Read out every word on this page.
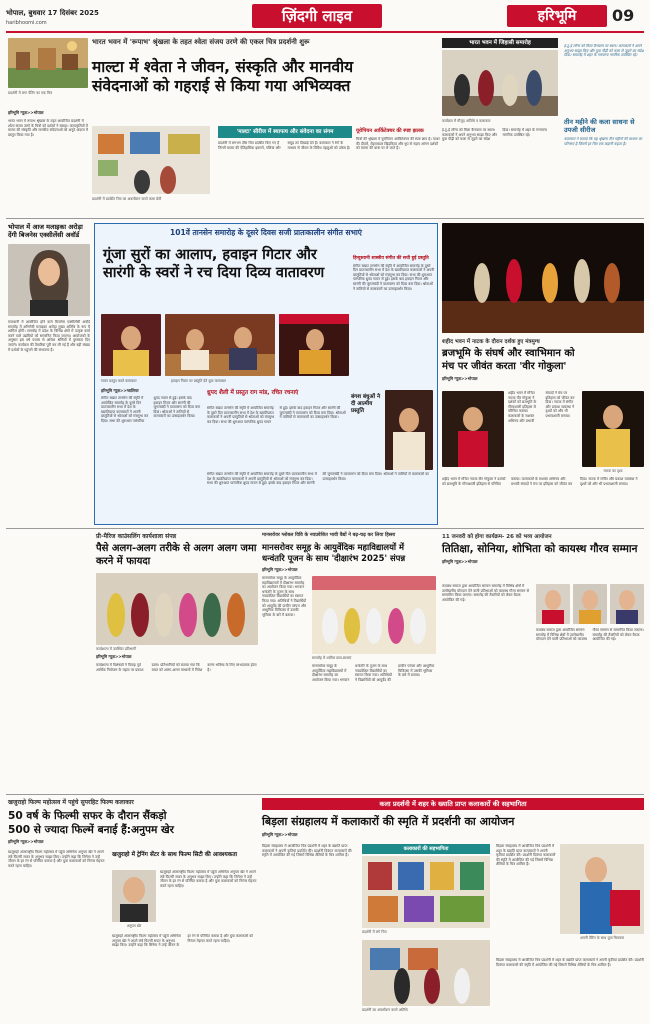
भोपाल, बुधवार 17 दिसंबर 2025
haribhoomi.com	ज़िंदगी लाइव	हरिभूमि	09
प्रदर्शनी में लगा पेंटिंग का एक चित्र
हरिभूमि न्यूज़>>भोपाल
भारत भवन में रूपाभ श्रृंखला के तहत आयोजित प्रदर्शनी में श्वेता संजय उरणे के चित्रों को दर्शकों ने सराहा। कलाकृतियों में माल्टा की संस्कृति और मानवीय संवेदनाओं को अनूठे अंदाज में प्रस्तुत किया गया है।
भारत भवन में 'रूपाभ' श्रृंखला के तहत श्वेता संजय उरणे की एकल चित्र प्रदर्शनी शुरू
माल्टा में श्वेता ने जीवन, संस्कृति और मानवीय
संवेदनाओं को गहराई से किया गया अभिव्यक्त
प्रदर्शनी में प्रदर्शित चित्र का अवलोकन करते कला प्रेमी
'माल्टा' सीरीज में स्थापत्य और संवेदना का संगम
प्रदर्शनी में लगभग तीस चित्र प्रदर्शित किए गए हैं जिनमें माल्टा की ऐतिहासिक इमारतें, गलियां और समुद्र तट दिखाई देते हैं। कलाकार ने रंगों के माध्यम से जीवन के विविध पहलुओं को उकेरा है।
यूरोपियन आर्किटेक्चर की स्पष्ट झलक
चित्रों की श्रृंखला में यूरोपियन आर्किटेक्चर की स्पष्ट छाप है। पत्थर की दीवारें, मेहराबदार खिड़कियां और धूप से नहाए आंगन दर्शकों को माल्टा की यात्रा पर ले जाते हैं।
भारत भवन में जिहासी समारोह
कार्यक्रम में मौजूद अतिथि व कलाकार
ई-टू-ई लॉन्च को मिला कैनवास पर स्थान। कलाकारों ने अपने अनुभव साझा किए और युवा पीढ़ी को कला से जुड़ने का संदेश दिया। समारोह में शहर के गणमान्य नागरिक उपस्थित रहे।
ई-टू-ई लॉन्च को मिला कैनवास पर स्थान। कलाकारों ने अपने अनुभव साझा किए और युवा पीढ़ी को कला से जुड़ने का संदेश दिया। समारोह में शहर के गणमान्य नागरिक उपस्थित रहे।
तीन महीने की कला साधना से उपजी सीरीज
कलाकार ने बताया कि यह श्रृंखला तीन महीनों की साधना का परिणाम है जिसमें हर चित्र एक कहानी कहता है।
भोपाल में आज मलाइका अरोड़ा देंगी बिजनेस एक्सीलेंसी अवॉर्ड
राजधानी में आयोजित होने वाले बिजनेस एक्सीलेंसी अवॉर्ड समारोह में अभिनेत्री मलाइका अरोड़ा मुख्य अतिथि के रूप में शामिल होंगी। समारोह में प्रदेश के विभिन्न क्षेत्रों में उत्कृष्ट कार्य करने वाले उद्यमियों को सम्मानित किया जाएगा। आयोजकों के अनुसार इस वर्ष पचास से अधिक श्रेणियों में पुरस्कार दिए जाएंगे। कार्यक्रम की तैयारियां पूरी कर ली गई हैं और बड़ी संख्या में दर्शकों के पहुंचने की संभावना है।
101वें तानसेन समारोह के दूसरे दिवस सजी प्रातःकालीन संगीत सभाएं
गूंजा सुरों का आलाप, हवाइन गिटार और
सारंगी के स्वरों ने रच दिया दिव्य वातावरण
हिन्दुस्तानी शास्त्रीय संगीत की सधी हुई प्रस्तुति
संगीत सम्राट तानसेन की स्मृति में आयोजित समारोह के दूसरे दिन प्रातःकालीन सभा में देश के ख्यातिप्राप्त कलाकारों ने अपनी प्रस्तुतियों से श्रोताओं को मंत्रमुग्ध कर दिया। सभा की शुरुआत पारंपरिक ध्रुपद गायन से हुई। इसके बाद हवाइन गिटार और सारंगी की जुगलबंदी ने वातावरण को दिव्य बना दिया। श्रोताओं ने तालियों से कलाकारों का उत्साहवर्धन किया।
गायन प्रस्तुत करते कलाकार	हवाइन गिटार पर प्रस्तुति देते युवा कलाकार
हरिभूमि न्यूज़>>ग्वालियर
संगीत सम्राट तानसेन की स्मृति में आयोजित समारोह के दूसरे दिन प्रातःकालीन सभा में देश के ख्यातिप्राप्त कलाकारों ने अपनी प्रस्तुतियों से श्रोताओं को मंत्रमुग्ध कर दिया। सभा की शुरुआत पारंपरिक ध्रुपद गायन से हुई। इसके बाद हवाइन गिटार और सारंगी की जुगलबंदी ने वातावरण को दिव्य बना दिया। श्रोताओं ने तालियों से कलाकारों का उत्साहवर्धन किया।
ध्रुपद शैली में प्रस्तुत राग मांड, रचित रचनाएं
संगीत सम्राट तानसेन की स्मृति में आयोजित समारोह के दूसरे दिन प्रातःकालीन सभा में देश के ख्यातिप्राप्त कलाकारों ने अपनी प्रस्तुतियों से श्रोताओं को मंत्रमुग्ध कर दिया। सभा की शुरुआत पारंपरिक ध्रुपद गायन से हुई। इसके बाद हवाइन गिटार और सारंगी की जुगलबंदी ने वातावरण को दिव्य बना दिया। श्रोताओं ने तालियों से कलाकारों का उत्साहवर्धन किया।
बंगश बंधुओं ने दी आत्मीय प्रस्तुति
संगीत सम्राट तानसेन की स्मृति में आयोजित समारोह के दूसरे दिन प्रातःकालीन सभा में देश के ख्यातिप्राप्त कलाकारों ने अपनी प्रस्तुतियों से श्रोताओं को मंत्रमुग्ध कर दिया। सभा की शुरुआत पारंपरिक ध्रुपद गायन से हुई। इसके बाद हवाइन गिटार और सारंगी की जुगलबंदी ने वातावरण को दिव्य बना दिया। श्रोताओं ने तालियों से कलाकारों का उत्साहवर्धन किया।
शहीद भवन में नाटक के दौरान दर्शक हुए मंत्रमुग्ध
ब्रजभूमि के संघर्ष और स्वाभिमान को
मंच पर जीवंत करता 'वीर गोकुला'
हरिभूमि न्यूज़>>भोपाल
शहीद भवन में मंचित नाटक वीर गोकुला ने दर्शकों को ब्रजभूमि के गौरवशाली इतिहास से परिचित कराया। कलाकारों के सशक्त अभिनय और प्रभावी संवादों ने मंच पर इतिहास को जीवंत कर दिया। नाटक में संगीत और प्रकाश व्यवस्था ने दृश्यों को और भी प्रभावशाली बनाया।
नाटक का दृश्य
शहीद भवन में मंचित नाटक वीर गोकुला ने दर्शकों को ब्रजभूमि के गौरवशाली इतिहास से परिचित कराया। कलाकारों के सशक्त अभिनय और प्रभावी संवादों ने मंच पर इतिहास को जीवंत कर दिया। नाटक में संगीत और प्रकाश व्यवस्था ने दृश्यों को और भी प्रभावशाली बनाया।
प्री-मैरिज काउंसलिंग कार्यशाला संपन्न
पैसे अलग-अलग तरीके से अलग अलग जमा करने में फायदा
कार्यशाला में उपस्थित प्रतिभागी
हरिभूमि न्यूज़>>भोपाल
कार्यशाला में विशेषज्ञों ने विवाह पूर्व आर्थिक नियोजन के महत्व पर प्रकाश डाला। प्रतिभागियों को बताया गया कि बचत को अलग-अलग माध्यमों में निवेश करना भविष्य के लिए लाभदायक होता है।
मानसरोवर ग्लोबल विवि के नवप्रवेशित भावी वैद्यों ने बढ़-चढ़ कर लिया हिस्सा
मानसरोवर समूह के आयुर्वेदिक महाविद्यालयों में
धन्वंतरि पूजन के साथ 'दीक्षारंभ 2025' संपन्न
हरिभूमि न्यूज़>>भोपाल
मानसरोवर समूह के आयुर्वेदिक महाविद्यालयों में दीक्षारंभ समारोह का आयोजन किया गया। भगवान धन्वंतरि के पूजन के साथ नवप्रवेशित विद्यार्थियों का स्वागत किया गया। अतिथियों ने विद्यार्थियों को आयुर्वेद की प्राचीन परंपरा और आधुनिक चिकित्सा में उसकी भूमिका के बारे में बताया।
समारोह में शामिल छात्र-छात्राएं
मानसरोवर समूह के आयुर्वेदिक महाविद्यालयों में दीक्षारंभ समारोह का आयोजन किया गया। भगवान धन्वंतरि के पूजन के साथ नवप्रवेशित विद्यार्थियों का स्वागत किया गया। अतिथियों ने विद्यार्थियों को आयुर्वेद की प्राचीन परंपरा और आधुनिक चिकित्सा में उसकी भूमिका के बारे में बताया।
11 जनवरी को होगा कार्यक्रम- 26 को भव्य आयोजन
तितिक्षा, सोनिया, शोभिता को कायस्थ गौरव सम्मान
हरिभूमि न्यूज़>>भोपाल
कायस्थ समाज द्वारा आयोजित सम्मान समारोह में विभिन्न क्षेत्रों में उल्लेखनीय योगदान देने वाली प्रतिभाओं को कायस्थ गौरव सम्मान से सम्मानित किया जाएगा। समारोह की तैयारियों को लेकर बैठक आयोजित की गई।
कायस्थ समाज द्वारा आयोजित सम्मान समारोह में विभिन्न क्षेत्रों में उल्लेखनीय योगदान देने वाली प्रतिभाओं को कायस्थ गौरव सम्मान से सम्मानित किया जाएगा। समारोह की तैयारियों को लेकर बैठक आयोजित की गई।
खजुराहो फिल्म महोत्सव में पहुंचे सुपरहिट फिल्म कलाकार
50 वर्ष के फिल्मी सफर के दौरान सैंकड़ो
500 से ज्यादा फिल्में बनाई हैं:अनुपम खेर
हरिभूमि न्यूज़>>भोपाल
खजुराहो अंतरराष्ट्रीय फिल्म महोत्सव में पहुंचे अभिनेता अनुपम खेर ने अपने लंबे फिल्मी सफर के अनुभव साझा किए। उन्होंने कहा कि सिनेमा ने उन्हें जीवन के हर रंग से परिचित कराया है और युवा कलाकारों को निरंतर मेहनत करते रहना चाहिए।
खजुराहो में ट्रेनिंग सेंटर के साथ फिल्म सिटी की आवश्यकता
अनुपम खेर
खजुराहो अंतरराष्ट्रीय फिल्म महोत्सव में पहुंचे अभिनेता अनुपम खेर ने अपने लंबे फिल्मी सफर के अनुभव साझा किए। उन्होंने कहा कि सिनेमा ने उन्हें जीवन के हर रंग से परिचित कराया है और युवा कलाकारों को निरंतर मेहनत करते रहना चाहिए।
खजुराहो अंतरराष्ट्रीय फिल्म महोत्सव में पहुंचे अभिनेता अनुपम खेर ने अपने लंबे फिल्मी सफर के अनुभव साझा किए। उन्होंने कहा कि सिनेमा ने उन्हें जीवन के हर रंग से परिचित कराया है और युवा कलाकारों को निरंतर मेहनत करते रहना चाहिए।
कला प्रदर्शनी में शहर के ख्याति प्राप्त कलाकारों की सहभागिता
बिड़ला संग्रहालय में कलाकारों की स्मृति में प्रदर्शनी का आयोजन
हरिभूमि न्यूज़>>भोपाल
बिड़ला संग्रहालय में आयोजित चित्र प्रदर्शनी में शहर के ख्याति प्राप्त कलाकारों ने अपनी कृतियां प्रदर्शित कीं। प्रदर्शनी दिवंगत कलाकारों की स्मृति में आयोजित की गई जिसमें विभिन्न शैलियों के चित्र शामिल हैं।
कलाकारों की सहभागिता
प्रदर्शनी में लगे चित्र
प्रदर्शनी का अवलोकन करते अतिथि
बिड़ला संग्रहालय में आयोजित चित्र प्रदर्शनी में शहर के ख्याति प्राप्त कलाकारों ने अपनी कृतियां प्रदर्शित कीं। प्रदर्शनी दिवंगत कलाकारों की स्मृति में आयोजित की गई जिसमें विभिन्न शैलियों के चित्र शामिल हैं।
अपनी पेंटिंग के साथ युवा चित्रकार
बिड़ला संग्रहालय में आयोजित चित्र प्रदर्शनी में शहर के ख्याति प्राप्त कलाकारों ने अपनी कृतियां प्रदर्शित कीं। प्रदर्शनी दिवंगत कलाकारों की स्मृति में आयोजित की गई जिसमें विभिन्न शैलियों के चित्र शामिल हैं।
